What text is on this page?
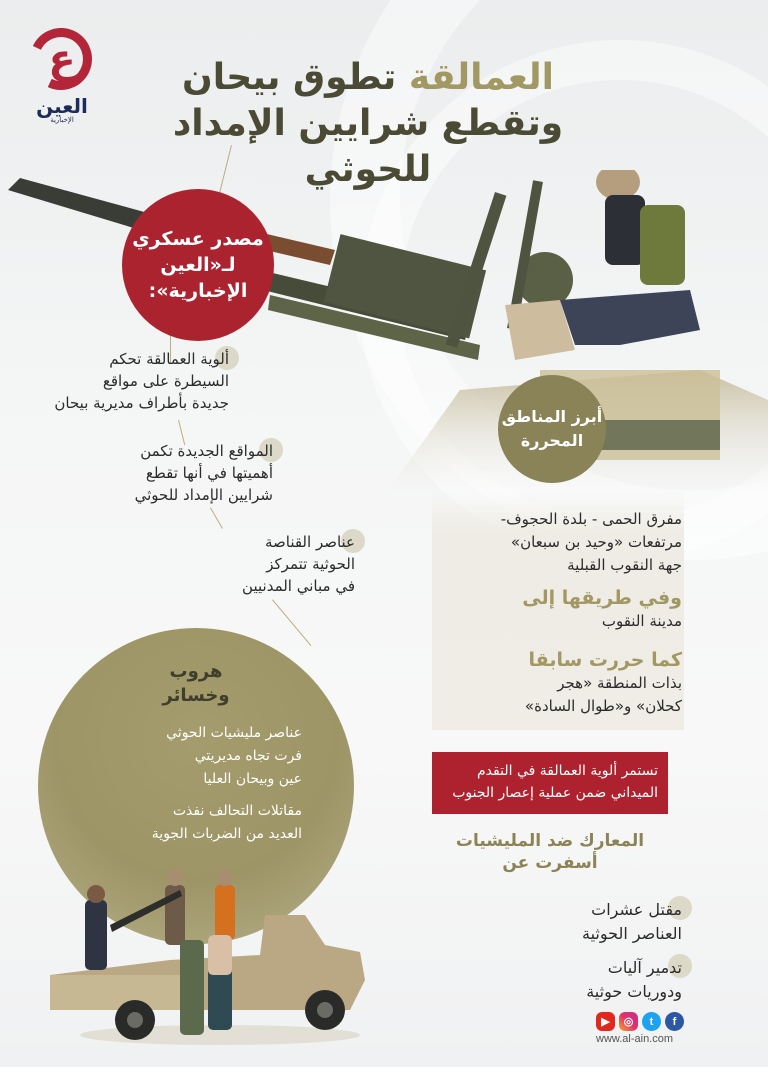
ع
العين
الإخبارية
العمالقة تطوق بيحان
وتقطع شرايين الإمداد للحوثي
مصدر عسكري
لـ«العين
الإخبارية»:
ألوية العمالقة تحكم
السيطرة على مواقع
جديدة بأطراف مديرية بيحان
المواقع الجديدة تكمن
أهميتها في أنها تقطع
شرايين الإمداد للحوثي
عناصر القناصة
الحوثية تتمركز
في مباني المدنيين
مفرق الحمى - بلدة الحجوف-
مرتفعات «وحيد بن سبعان»
جهة النقوب القبلية
وفي طريقها إلى
مدينة النقوب
كما حررت سابقا
بذات المنطقة «هجر
كحلان» و«طوال السادة»
أبرز المناطق
المحررة
هروب
وخسائر
عناصر مليشيات الحوثي
فرت تجاه مديريتي
عين وبيحان العليا
مقاتلات التحالف نفذت
العديد من الضربات الجوية
تستمر ألوية العمالقة في التقدم
الميداني ضمن عملية إعصار الجنوب
المعارك ضد المليشيات
أسفرت عن
مقتل عشرات
العناصر الحوثية
تدمير آليات
ودوريات حوثية
▶	◎	t	f
www.al-ain.com
